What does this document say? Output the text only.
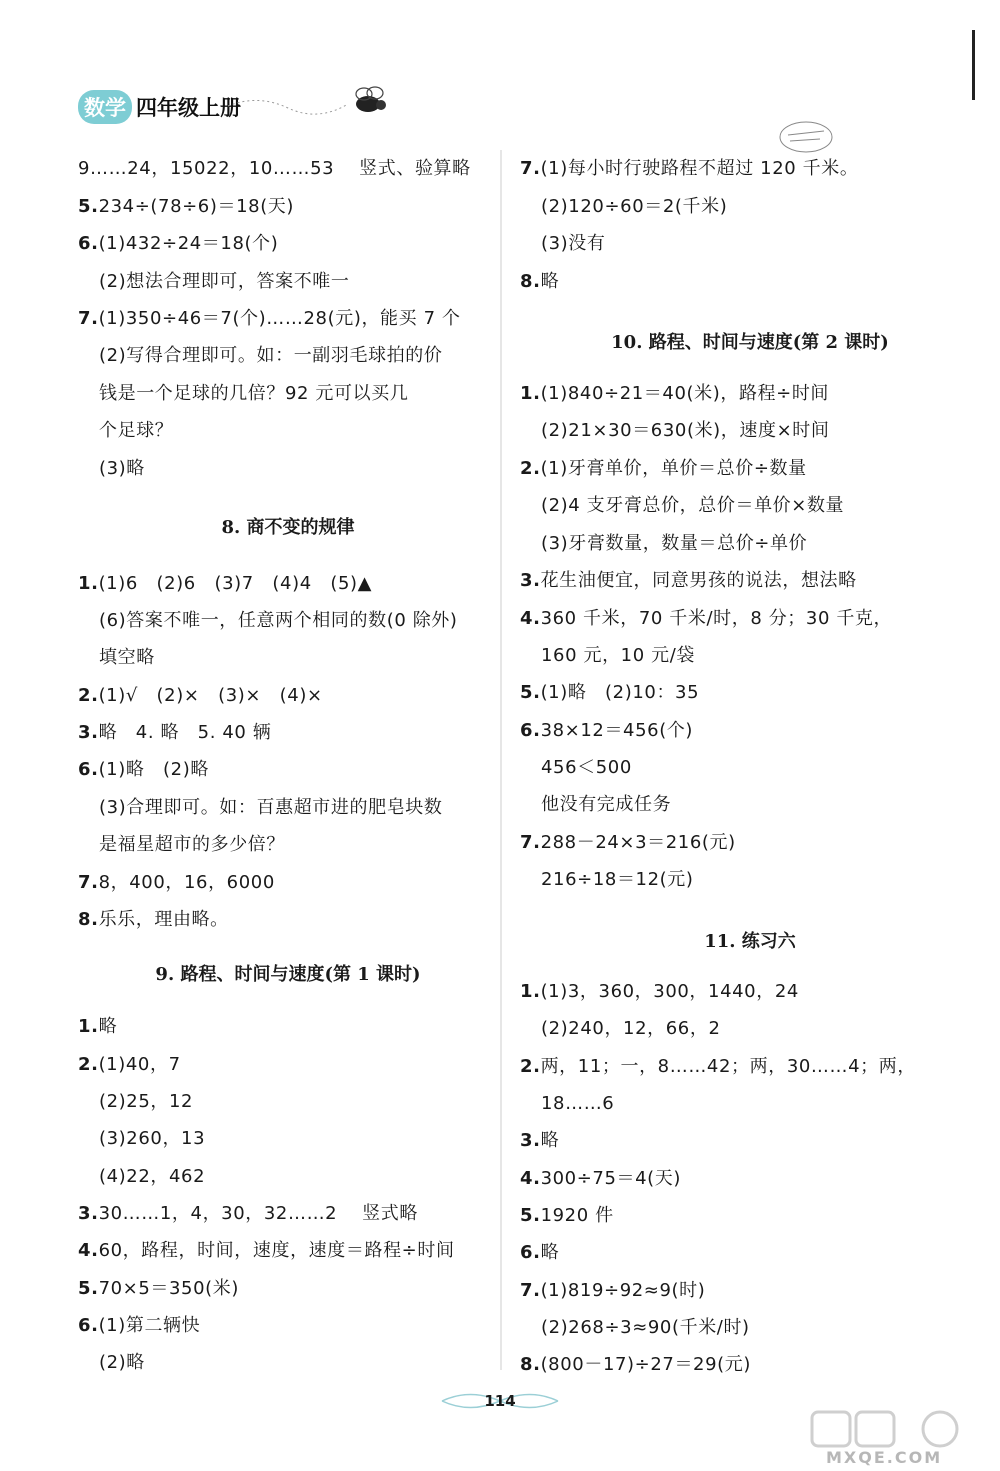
数学 四年级上册
9……24，15022，10……53　 竖式、验算略
5.234÷(78÷6)＝18(天)
6.(1)432÷24＝18(个)
(2)想法合理即可，答案不唯一
7.(1)350÷46＝7(个)……28(元)，能买 7 个
(2)写得合理即可。如：一副羽毛球拍的价
钱是一个足球的几倍？92 元可以买几
个足球？
(3)略
8. 商不变的规律
1.(1)6　(2)6　(3)7　(4)4　(5)▲
(6)答案不唯一，任意两个相同的数(0 除外)
填空略
2.(1)√　(2)×　(3)×　(4)×
3.略　4. 略　5. 40 辆
6.(1)略　(2)略
(3)合理即可。如：百惠超市进的肥皂块数
是福星超市的多少倍？
7.8，400，16，6000
8.乐乐，理由略。
9. 路程、时间与速度(第 1 课时)
1.略
2.(1)40，7
(2)25，12
(3)260，13
(4)22，462
3.30……1，4，30，32……2　 竖式略
4.60，路程，时间，速度，速度＝路程÷时间
5.70×5＝350(米)
6.(1)第二辆快
(2)略
7.(1)每小时行驶路程不超过 120 千米。
(2)120÷60＝2(千米)
(3)没有
8.略
10. 路程、时间与速度(第 2 课时)
1.(1)840÷21＝40(米)，路程÷时间
(2)21×30＝630(米)，速度×时间
2.(1)牙膏单价，单价＝总价÷数量
(2)4 支牙膏总价，总价＝单价×数量
(3)牙膏数量，数量＝总价÷单价
3.花生油便宜，同意男孩的说法，想法略
4.360 千米，70 千米/时，8 分；30 千克，
160 元，10 元/袋
5.(1)略　(2)10：35
6.38×12＝456(个)
456＜500
他没有完成任务
7.288－24×3＝216(元)
216÷18＝12(元)
11. 练习六
1.(1)3，360，300，1440，24
(2)240，12，66，2
2.两，11；一，8……42；两，30……4；两，
18……6
3.略
4.300÷75＝4(天)
5.1920 件
6.略
7.(1)819÷92≈9(时)
(2)268÷3≈90(千米/时)
8.(800－17)÷27＝29(元)
114
MXQE.COM
